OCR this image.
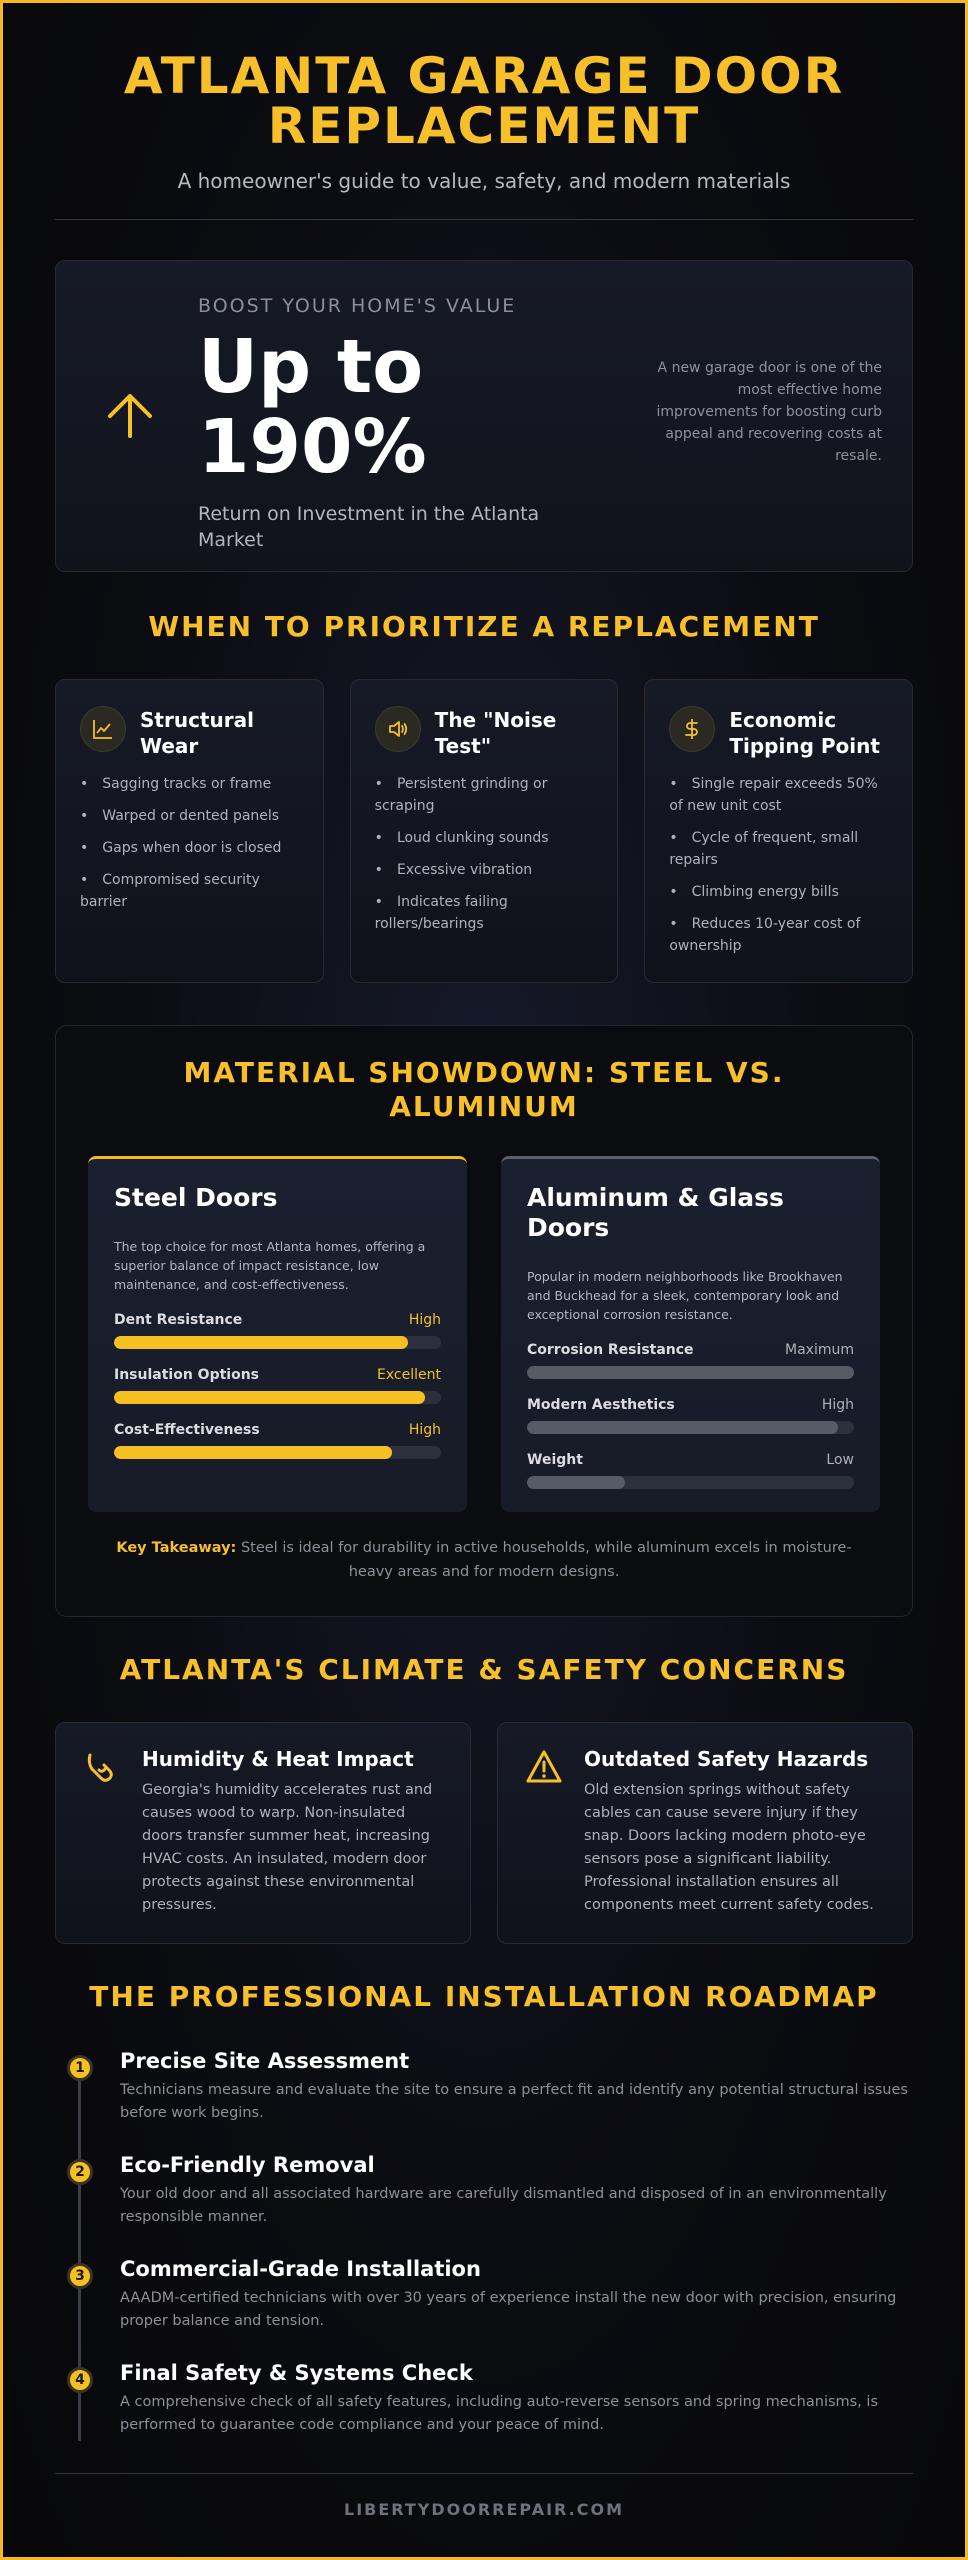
ATLANTA GARAGE DOOR REPLACEMENT

A homeowner's guide to value, safety, and modern materials

BOOST YOUR HOME'S VALUE
Up to
190%
Return on Investment in the Atlanta Market
A new garage door is one of the most effective home improvements for boosting curb appeal and recovering costs at resale.
WHEN TO PRIORITIZE A REPLACEMENT
Structural Wear
• Sagging tracks or frame
• Warped or dented panels
• Gaps when door is closed
• Compromised security barrier
The "Noise Test"
• Persistent grinding or scraping
• Loud clunking sounds
• Excessive vibration
• Indicates failing rollers/bearings
Economic Tipping Point
• Single repair exceeds 50% of new unit cost
• Cycle of frequent, small repairs
• Climbing energy bills
• Reduces 10-year cost of ownership
MATERIAL SHOWDOWN: STEEL VS. ALUMINUM
Steel Doors
The top choice for most Atlanta homes, offering a superior balance of impact resistance, low maintenance, and cost-effectiveness.
Dent Resistance	High
Insulation Options	Excellent
Cost-Effectiveness	High
Aluminum & Glass Doors
Popular in modern neighborhoods like Brookhaven and Buckhead for a sleek, contemporary look and exceptional corrosion resistance.
Corrosion Resistance	Maximum
Modern Aesthetics	High
Weight	Low

Key Takeaway: Steel is ideal for durability in active households, while aluminum excels in moisture-heavy areas and for modern designs.

ATLANTA'S CLIMATE & SAFETY CONCERNS
Humidity & Heat Impact
Georgia's humidity accelerates rust and causes wood to warp. Non-insulated doors transfer summer heat, increasing HVAC costs. An insulated, modern door protects against these environmental pressures.
Outdated Safety Hazards
Old extension springs without safety cables can cause severe injury if they snap. Doors lacking modern photo-eye sensors pose a significant liability. Professional installation ensures all components meet current safety codes.
THE PROFESSIONAL INSTALLATION ROADMAP
1	Precise Site Assessment
Technicians measure and evaluate the site to ensure a perfect fit and identify any potential structural issues before work begins.
2	Eco-Friendly Removal
Your old door and all associated hardware are carefully dismantled and disposed of in an environmentally responsible manner.
3	Commercial-Grade Installation
AAADM-certified technicians with over 30 years of experience install the new door with precision, ensuring proper balance and tension.
4	Final Safety & Systems Check
A comprehensive check of all safety features, including auto-reverse sensors and spring mechanisms, is performed to guarantee code compliance and your peace of mind.
LIBERTYDOORREPAIR.COM
